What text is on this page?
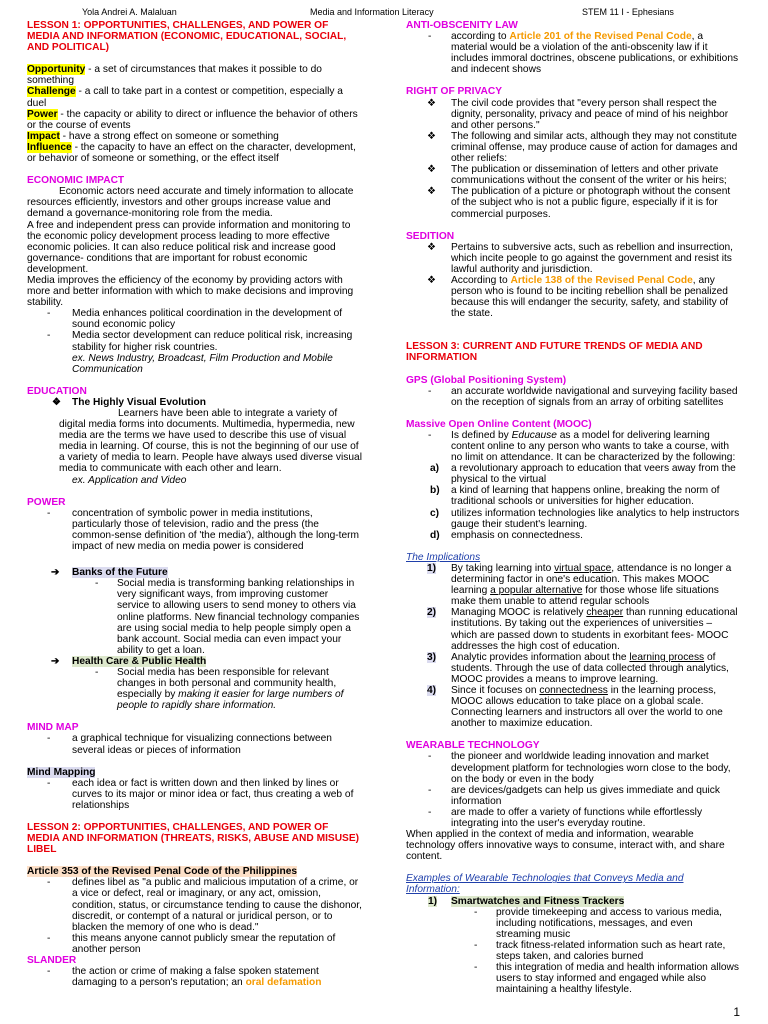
Yola Andrei A. Malaluan	Media and Information Literacy	STEM 11 I - Ephesians

LESSON 1: OPPORTUNITIES, CHALLENGES, AND POWER OF MEDIA AND INFORMATION (ECONOMIC, EDUCATIONAL, SOCIAL, AND POLITICAL)

Opportunity - a set of circumstances that makes it possible to do something

Challenge - a call to take part in a contest or competition, especially a duel

Power - the capacity or ability to direct or influence the behavior of others or the course of events

Impact - have a strong effect on someone or something

Influence - the capacity to have an effect on the character, development, or behavior of someone or something, or the effect itself

ECONOMIC IMPACT

Economic actors need accurate and timely information to allocate resources efficiently, investors and other groups increase value and demand a governance-monitoring role from the media.

A free and independent press can provide information and monitoring to the economic policy development process leading to more effective economic policies. It can also reduce political risk and increase good governance- conditions that are important for robust economic development.

Media improves the efficiency of the economy by providing actors with more and better information with which to make decisions and improving stability.

- Media enhances political coordination in the development of sound economic policy
- Media sector development can reduce political risk, increasing stability for higher risk countries.
ex. News Industry, Broadcast, Film Production and Mobile Communication

EDUCATION

❖ The Highly Visual Evolution

Learners have been able to integrate a variety of digital media forms into documents. Multimedia, hypermedia, new media are the terms we have used to describe this use of visual media in learning. Of course, this is not the beginning of our use of a variety of media to learn. People have always used diverse visual media to communicate with each other and learn.

ex. Application and Video

POWER

- concentration of symbolic power in media institutions, particularly those of television, radio and the press (the common-sense definition of 'the media'), although the long-term impact of new media on media power is considered
➔ Banks of the Future
- Social media is transforming banking relationships in very significant ways, from improving customer service to allowing users to send money to others via online platforms. New financial technology companies are using social media to help people simply open a bank account. Social media can even impact your ability to get a loan.
➔ Health Care & Public Health
- Social media has been responsible for relevant changes in both personal and community health, especially by making it easier for large numbers of people to rapidly share information.

MIND MAP

- a graphical technique for visualizing connections between several ideas or pieces of information

Mind Mapping

- each idea or fact is written down and then linked by lines or curves to its major or minor idea or fact, thus creating a web of relationships

LESSON 2: OPPORTUNITIES, CHALLENGES, AND POWER OF MEDIA AND INFORMATION (THREATS, RISKS, ABUSE AND MISUSE) LIBEL

Article 353 of the Revised Penal Code of the Philippines

- defines libel as "a public and malicious imputation of a crime, or a vice or defect, real or imaginary, or any act, omission, condition, status, or circumstance tending to cause the dishonor, discredit, or contempt of a natural or juridical person, or to blacken the memory of one who is dead."
- this means anyone cannot publicly smear the reputation of another person

SLANDER

- the action or crime of making a false spoken statement damaging to a person's reputation; an oral defamation

ANTI-OBSCENITY LAW

- according to Article 201 of the Revised Penal Code, a material would be a violation of the anti-obscenity law if it includes immoral doctrines, obscene publications, or exhibitions and indecent shows

RIGHT OF PRIVACY

❖ The civil code provides that "every person shall respect the dignity, personality, privacy and peace of mind of his neighbor and other persons."
❖ The following and similar acts, although they may not constitute criminal offense, may produce cause of action for damages and other reliefs:
❖ The publication or dissemination of letters and other private communications without the consent of the writer or his heirs;
❖ The publication of a picture or photograph without the consent of the subject who is not a public figure, especially if it is for commercial purposes.

SEDITION

❖ Pertains to subversive acts, such as rebellion and insurrection, which incite people to go against the government and resist its lawful authority and jurisdiction.
❖ According to Article 138 of the Revised Penal Code, any person who is found to be inciting rebellion shall be penalized because this will endanger the security, safety, and stability of the state.

LESSON 3: CURRENT AND FUTURE TRENDS OF MEDIA AND INFORMATION

GPS (Global Positioning System)

- an accurate worldwide navigational and surveying facility based on the reception of signals from an array of orbiting satellites

Massive Open Online Content (MOOC)

- Is defined by Educause as a model for delivering learning content online to any person who wants to take a course, with no limit on attendance. It can be characterized by the following:
a) a revolutionary approach to education that veers away from the physical to the virtual
b) a kind of learning that happens online, breaking the norm of traditional schools or universities for higher education.
c) utilizes information technologies like analytics to help instructors gauge their student's learning.
d) emphasis on connectedness.

The Implications

1) By taking learning into virtual space, attendance is no longer a determining factor in one's education. This makes MOOC learning a popular alternative for those whose life situations make them unable to attend regular schools
2) Managing MOOC is relatively cheaper than running educational institutions. By taking out the experiences of universities – which are passed down to students in exorbitant fees- MOOC addresses the high cost of education.
3) Analytic provides information about the learning process of students. Through the use of data collected through analytics, MOOC provides a means to improve learning.
4) Since it focuses on connectedness in the learning process, MOOC allows education to take place on a global scale. Connecting learners and instructors all over the world to one another to maximize education.

WEARABLE TECHNOLOGY

- the pioneer and worldwide leading innovation and market development platform for technologies worn close to the body, on the body or even in the body
- are devices/gadgets can help us gives immediate and quick information
- are made to offer a variety of functions while effortlessly integrating into the user's everyday routine.

When applied in the context of media and information, wearable technology offers innovative ways to consume, interact with, and share content.

Examples of Wearable Technologies that Conveys Media and Information:

1) Smartwatches and Fitness Trackers
- provide timekeeping and access to various media, including notifications, messages, and even streaming music
- track fitness-related information such as heart rate, steps taken, and calories burned
- this integration of media and health information allows users to stay informed and engaged while also maintaining a healthy lifestyle.
1
